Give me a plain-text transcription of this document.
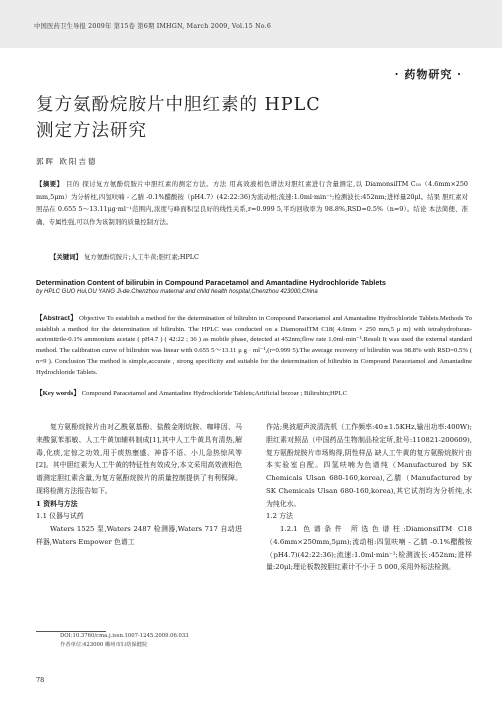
中国医药卫生导报 2009年 第15卷 第6期 IMHGN, March 2009, Vol.15 No.6
· 药物研究 ·
复方氨酚烷胺片中胆红素的 HPLC
测定方法研究
郭晖 欧阳吉德
【摘要】 目的 探讨复方氨酚烷胺片中胆红素的测定方法。方法 用高效液相色谱法对胆红素进行含量测定,以 DiamonsilTM C₁₈（4.6mm×250 mm,5μm）为分析柱,四氢呋喃 - 乙腈 -0.1%醋酸铵（pH4.7）(42:22:36)为流动相;流速:1.0ml·min⁻¹;检测波长:452nm;进样量20μl。结果 胆红素对照品在 0.655 5～13.11μg·ml⁻¹范围内,浓度与峰面积呈良好的线性关系,r=0.999 5,平均回收率为 98.8%,RSD=0.5%（n=9）。结论 本法简便、准确、专属性强,可以作为该制剂的质量控制方法。
【关键词】 复方氨酚烷胺片;人工牛黄;胆红素;HPLC
Determination Content of bilirubin in Compound Paracetamol and Amantadine Hydrochloride Tablets
by HPLC GUO Hui,OU YANG Ji-de.Chenzhou maternal and child health hospital,Chenzhou 423000,China
【Abstract】 Objective To establish a method for the determination of bilirubin in Compound Paracetamol and Amantadine Hydrochloride Tablets.Methods To establish a method for the determination of bilirubin. The HPLC was conducted on a DiamonsilTM C18( 4.6mm × 250 mm,5 μ m) with tetrahydrofuran-acetonitrile-0.1% ammonium acetate ( pH4.7 ) ( 42:22 ; 36 ) as mobile phase, detected at 452nm;flow rate 1.0ml·min⁻¹.Result It was used the external standard method. The calibration curve of bilirubin was linear with 0.655 5～13.11 μ g · ml⁻¹,(r=0.999 5).The average recovery of bilirubin was 98.8% with RSD=0.5% ( n=9 ). Conclusion The method is simple,accurate , strong specificity and suitable for the determination of bilirubin in Compound Paracetamol and Amantadine Hydrochloride Tablets.
【Key words】 Compound Paracetamol and Amantadine Hydrochloride Tablets;Artificial bezoar ; Bilirubin;HPLC

复方氨酚烷胺片由对乙酰氨基酚、盐酸金刚烷胺、咖啡因、马来酸氯苯那敏、人工牛黄加辅料制成[1],其中人工牛黄具有清热,解毒,化痰,定惊之功效,用于痰热壅盛、神昏不语、小儿急热惊风等[2]。其中胆红素为人工牛黄的特征性有效成分,本文采用高效液相色谱测定胆红素含量,为复方氨酚烷胺片的质量控制提供了有利保障。现将检测方法报告如下。

1 资料与方法

1.1 仪器与试药

Waters 1525 泵,Waters 2487 检测器,Waters 717 自动进样器,Waters Empower 色谱工

作站;奥波超声波清洗机（工作频率:40±1.5KHz,输出功率:400W);胆红素对照品（中国药品生物制品检定所,批号:110821-200609),复方氨酚烷胺片市场购得,阴性样品 缺人工牛黄的复方氨酚烷胺片由本实验室自配。四氢呋喃为色谱纯（Manufactured by SK Chemicals Ulsan 680-160,korea),乙腈（Manufactured by SK Chemicals Ulsan 680-160,korea),其它试剂均为分析纯,水为纯化水。

1.2 方法

1.2.1 色谱条件 所选色谱柱:DiamonsilTM C18（4.6mm×250mm,5μm);流动相:四氢呋喃 - 乙腈 -0.1%醋酸铵（pH4.7)(42:22:36);流速:1.0ml·min⁻¹;检测波长:452nm;进样量:20μl;理论板数按胆红素计不小于 5 000,采用外标法检测。

DOI:10.3760/cma.j.issn.1007-1245.2009.06.033
作者单位:423000 郴州市妇幼保健院
78
